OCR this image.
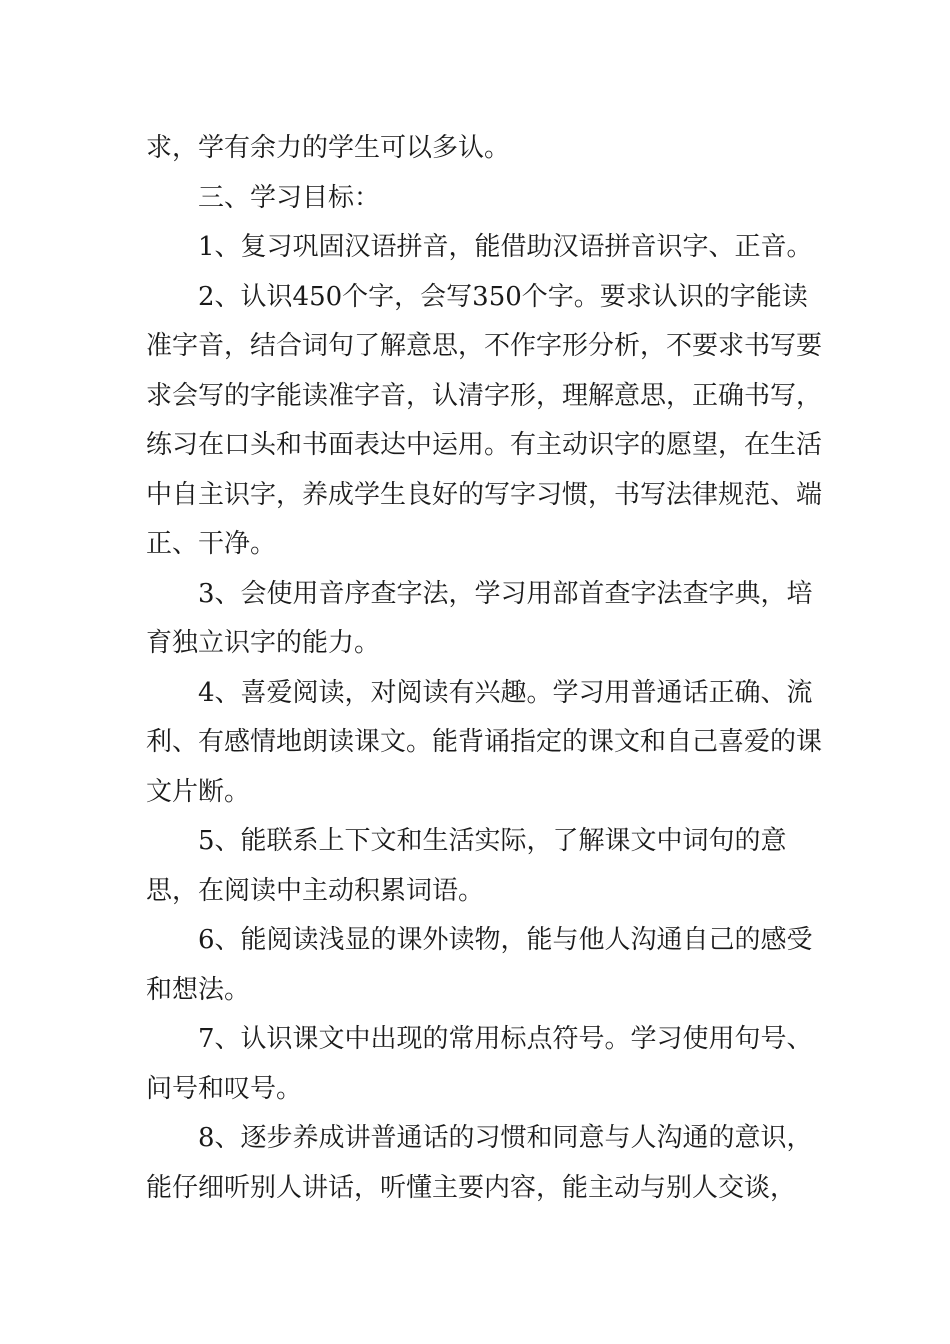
求，学有余力的学生可以多认。

三、学习目标：

1、复习巩固汉语拼音，能借助汉语拼音识字、正音。

2、认识450个字，会写350个字。要求认识的字能读准字音，结合词句了解意思，不作字形分析，不要求书写要求会写的字能读准字音，认清字形，理解意思，正确书写，练习在口头和书面表达中运用。有主动识字的愿望，在生活中自主识字，养成学生良好的写字习惯，书写法律规范、端正、干净。

3、会使用音序查字法，学习用部首查字法查字典，培育独立识字的能力。

4、喜爱阅读，对阅读有兴趣。学习用普通话正确、流利、有感情地朗读课文。能背诵指定的课文和自己喜爱的课文片断。

5、能联系上下文和生活实际，了解课文中词句的意思，在阅读中主动积累词语。

6、能阅读浅显的课外读物，能与他人沟通自己的感受和想法。

7、认识课文中出现的常用标点符号。学习使用句号、问号和叹号。

8、逐步养成讲普通话的习惯和同意与人沟通的意识，能仔细听别人讲话，听懂主要内容，能主动与别人交谈，
